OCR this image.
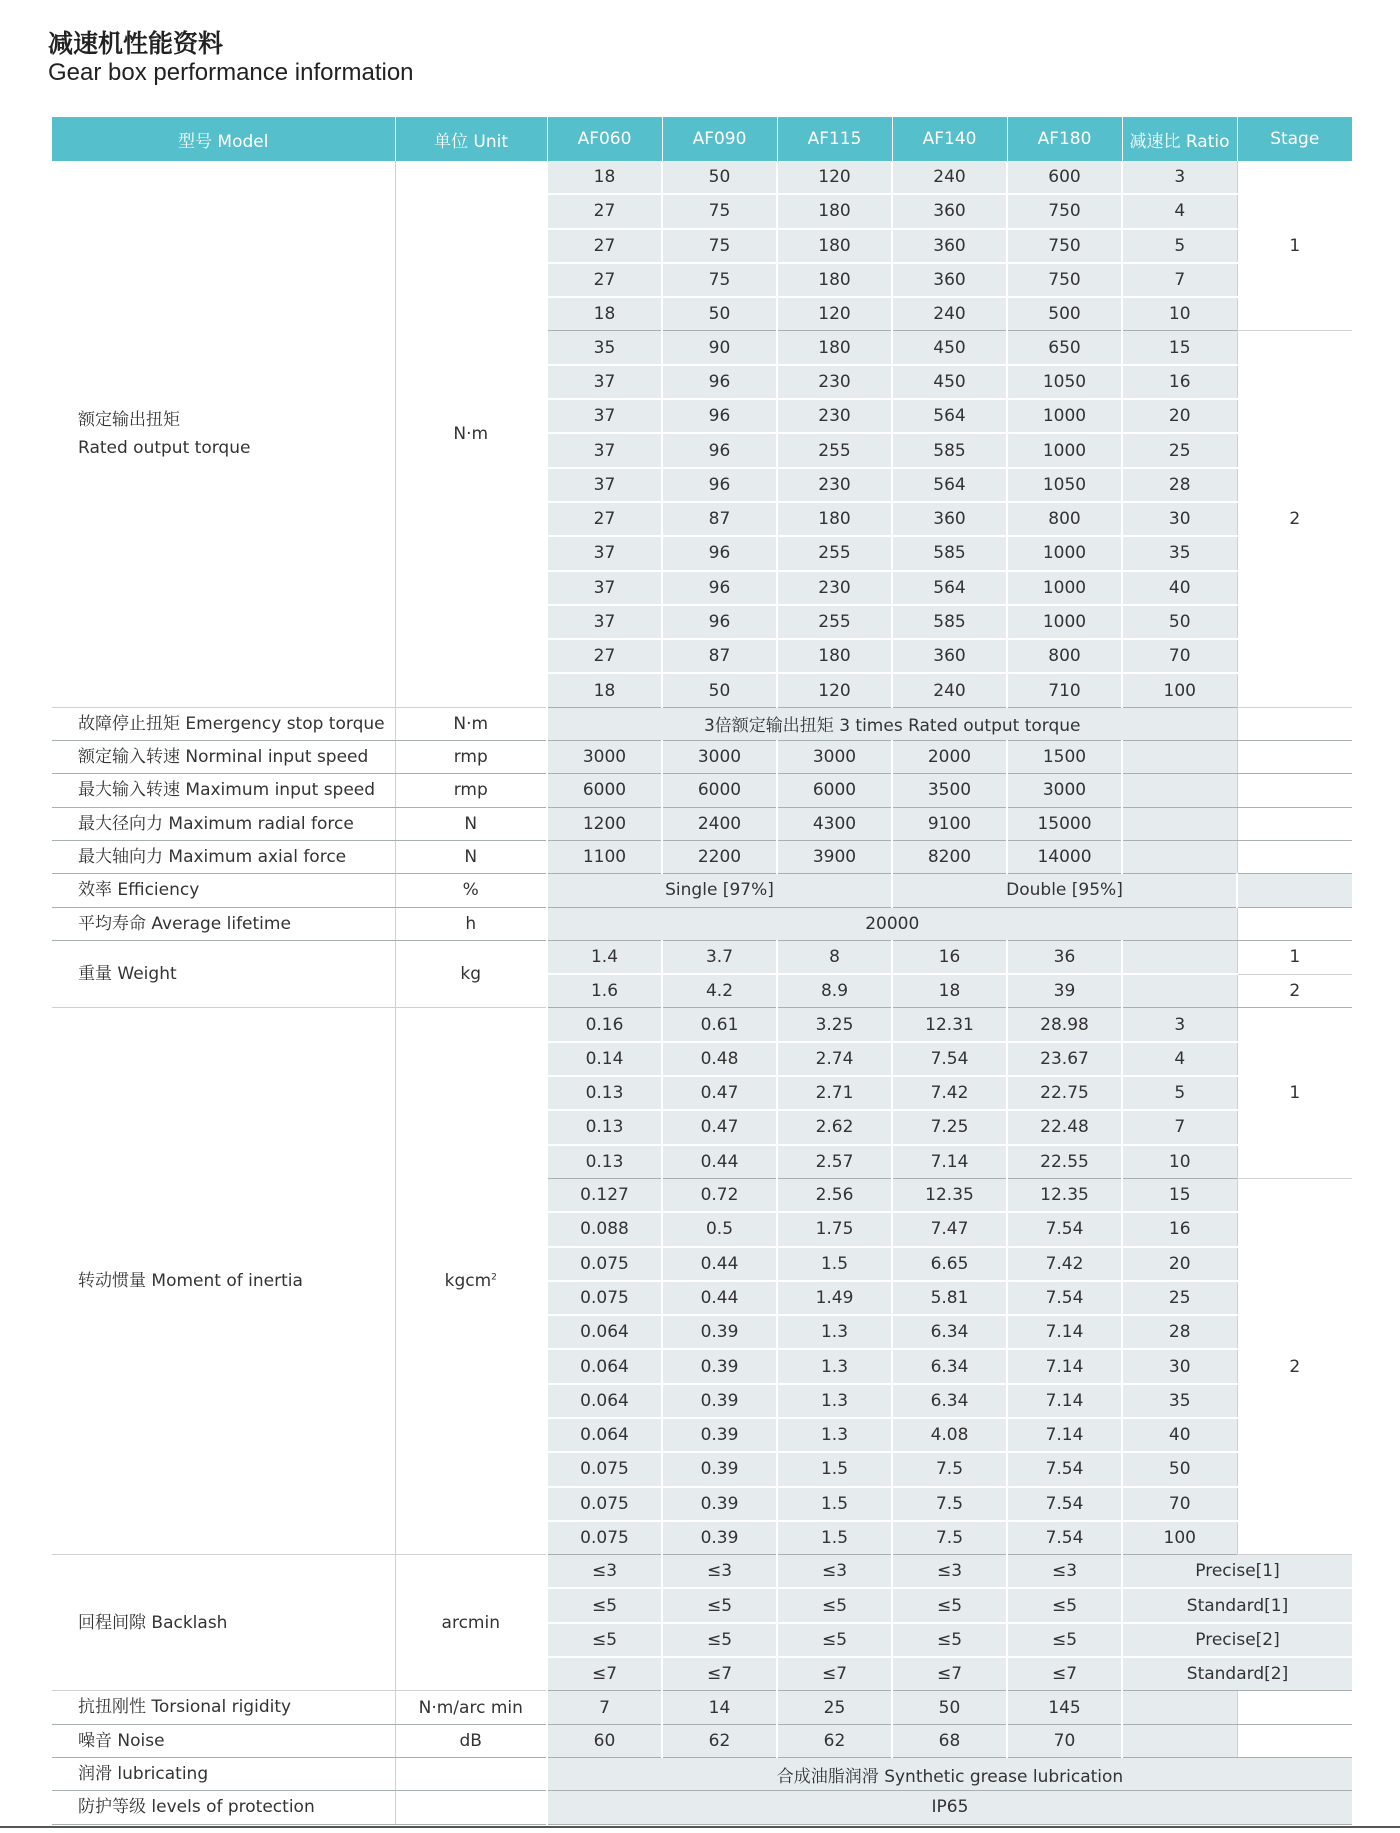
减速机性能资料
Gear box performance information
型号 Model	单位 Unit	AF060	AF090	AF115	AF140	AF180	减速比 Ratio	Stage

额定输出扭矩
Rated output torque	N·m	18	50	120	240	600	3	1
		27	75	180	360	750	4	
		27	75	180	360	750	5	
		27	75	180	360	750	7	
		18	50	120	240	500	10	
		35	90	180	450	650	15	2
		37	96	230	450	1050	16	
		37	96	230	564	1000	20	
		37	96	255	585	1000	25	
		37	96	230	564	1050	28	
		27	87	180	360	800	30	
		37	96	255	585	1000	35	
		37	96	230	564	1000	40	
		37	96	255	585	1000	50	
		27	87	180	360	800	70	
		18	50	120	240	710	100	
故障停止扭矩 Emergency stop torque	N·m	3倍额定输出扭矩 3 times Rated output torque						
额定输入转速 Norminal input speed	rmp	3000	3000	3000	2000	1500		
最大输入转速 Maximum input speed	rmp	6000	6000	6000	3500	3000		
最大径向力 Maximum radial force	N	1200	2400	4300	9100	15000		
最大轴向力 Maximum axial force	N	1100	2200	3900	8200	14000		
效率 Efficiency	%	Single [97%]			Double [95%]			
平均寿命 Average lifetime	h	20000						
重量 Weight	kg	1.4	3.7	8	16	36		1
		1.6	4.2	8.9	18	39		2
转动惯量 Moment of inertia	kgcm$^2$	0.16	0.61	3.25	12.31	28.98	3	1
		0.14	0.48	2.74	7.54	23.67	4	
		0.13	0.47	2.71	7.42	22.75	5	
		0.13	0.47	2.62	7.25	22.48	7	
		0.13	0.44	2.57	7.14	22.55	10	
		0.127	0.72	2.56	12.35	12.35	15	2
		0.088	0.5	1.75	7.47	7.54	16	
		0.075	0.44	1.5	6.65	7.42	20	
		0.075	0.44	1.49	5.81	7.54	25	
		0.064	0.39	1.3	6.34	7.14	28	
		0.064	0.39	1.3	6.34	7.14	30	
		0.064	0.39	1.3	6.34	7.14	35	
		0.064	0.39	1.3	4.08	7.14	40	
		0.075	0.39	1.5	7.5	7.54	50	
		0.075	0.39	1.5	7.5	7.54	70	
		0.075	0.39	1.5	7.5	7.54	100	
回程间隙 Backlash	arcmin	≤3	≤3	≤3	≤3	≤3	Precise[1]	
		≤5	≤5	≤5	≤5	≤5	Standard[1]	
		≤5	≤5	≤5	≤5	≤5	Precise[2]	
		≤7	≤7	≤7	≤7	≤7	Standard[2]	
抗扭刚性 Torsional rigidity	N·m/arc min	7	14	25	50	145		
噪音 Noise	dB	60	62	62	68	70		
润滑 lubricating		合成油脂润滑 Synthetic grease lubrication						
防护等级 levels of protection		IP65						
